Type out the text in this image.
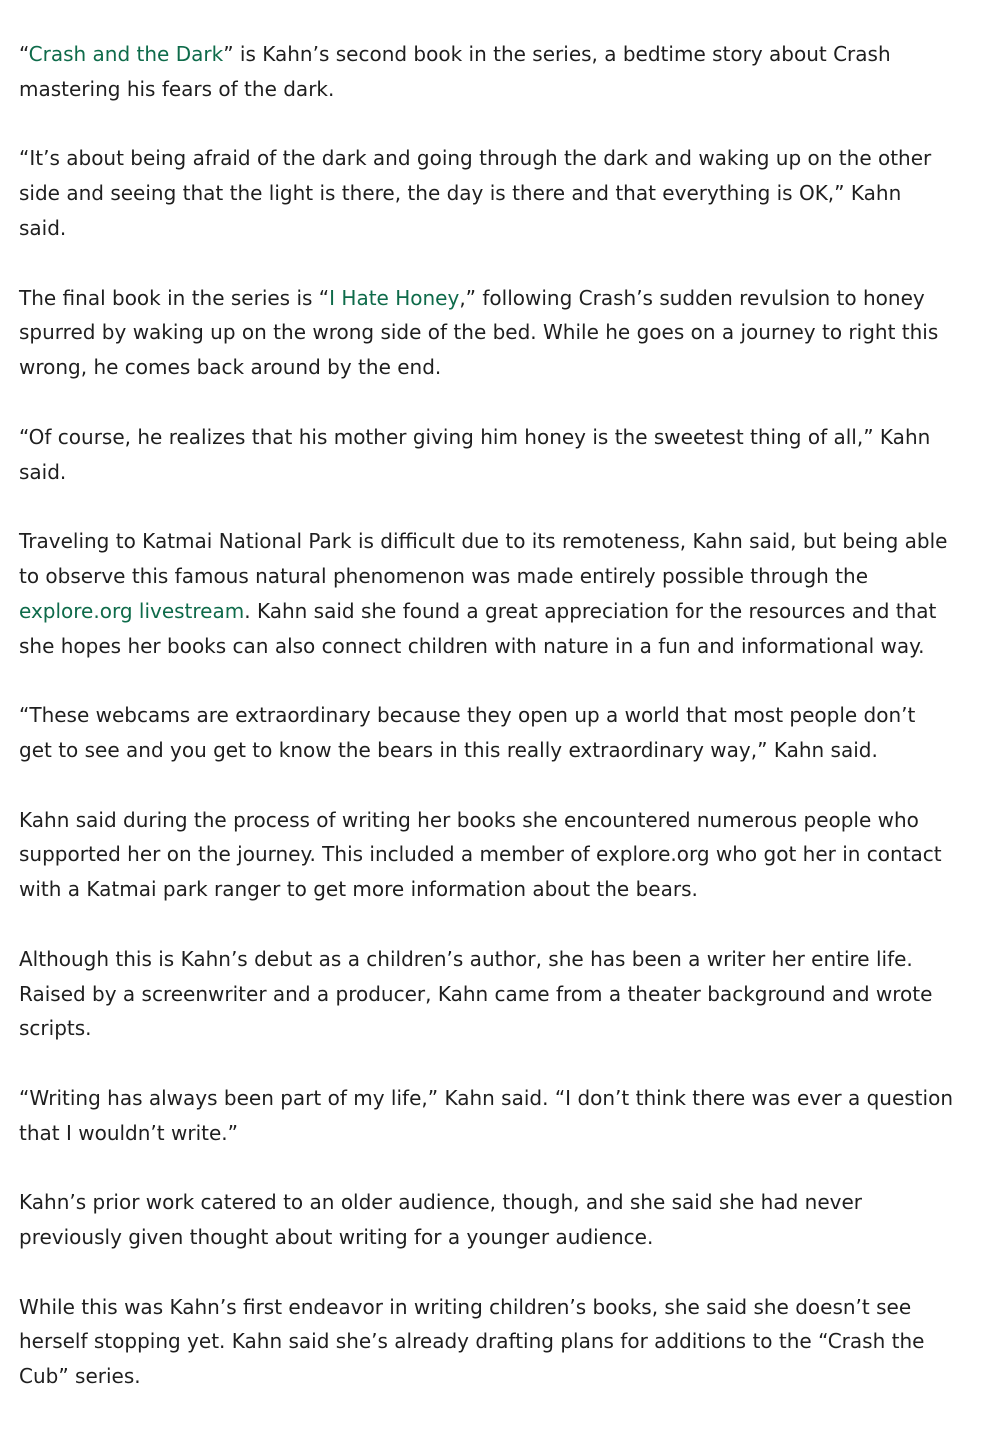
“Crash and the Dark” is Kahn’s second book in the series, a bedtime story about Crash mastering his fears of the dark.

“It’s about being afraid of the dark and going through the dark and waking up on the other side and seeing that the light is there, the day is there and that everything is OK,” Kahn said.

The final book in the series is “I Hate Honey,” following Crash’s sudden revulsion to honey spurred by waking up on the wrong side of the bed. While he goes on a journey to right this wrong, he comes back around by the end.

“Of course, he realizes that his mother giving him honey is the sweetest thing of all,” Kahn said.

Traveling to Katmai National Park is difficult due to its remoteness, Kahn said, but being able to observe this famous natural phenomenon was made entirely possible through the explore.org livestream. Kahn said she found a great appreciation for the resources and that she hopes her books can also connect children with nature in a fun and informational way.

“These webcams are extraordinary because they open up a world that most people don’t get to see and you get to know the bears in this really extraordinary way,” Kahn said.

Kahn said during the process of writing her books she encountered numerous people who supported her on the journey. This included a member of explore.org who got her in contact with a Katmai park ranger to get more information about the bears.

Although this is Kahn’s debut as a children’s author, she has been a writer her entire life. Raised by a screenwriter and a producer, Kahn came from a theater background and wrote scripts.

“Writing has always been part of my life,” Kahn said. “I don’t think there was ever a question that I wouldn’t write.”

Kahn’s prior work catered to an older audience, though, and she said she had never previously given thought about writing for a younger audience.

While this was Kahn’s first endeavor in writing children’s books, she said she doesn’t see herself stopping yet. Kahn said she’s already drafting plans for additions to the “Crash the Cub” series.
